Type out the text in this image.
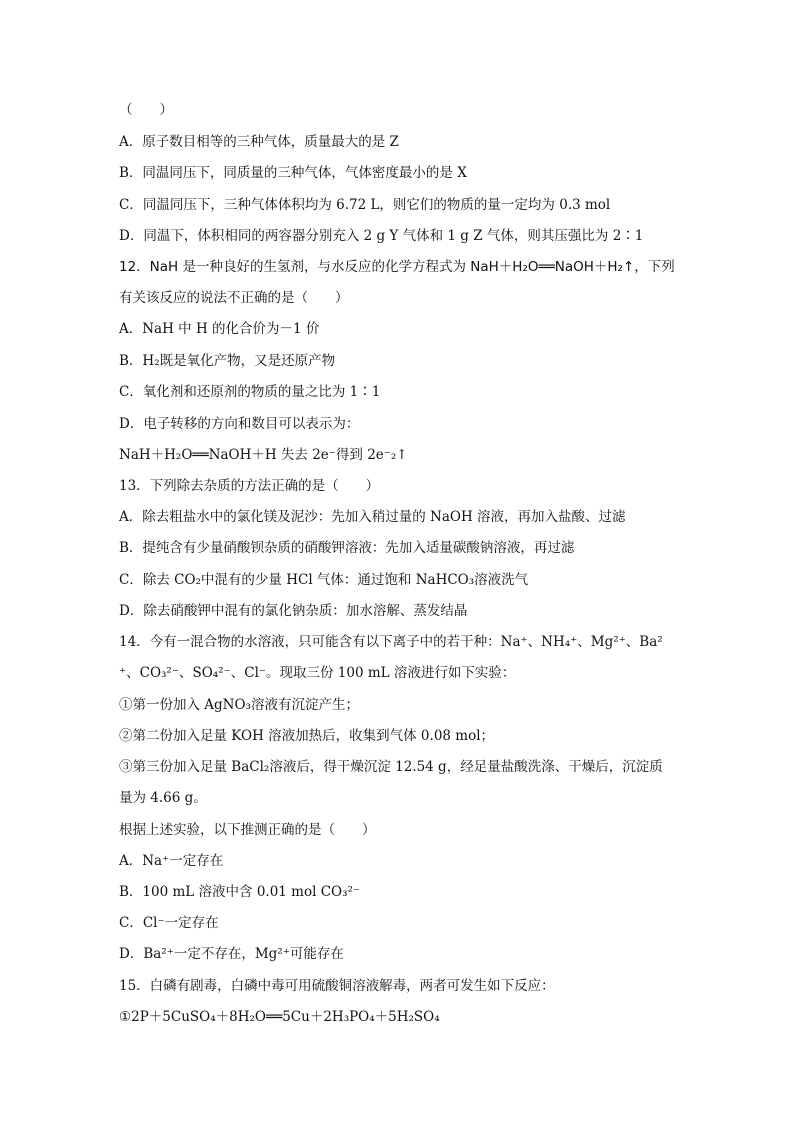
（　　）
A．原子数目相等的三种气体，质量最大的是 Z
B．同温同压下，同质量的三种气体，气体密度最小的是 X
C．同温同压下，三种气体体积均为 6.72 L，则它们的物质的量一定均为 0.3 mol
D．同温下，体积相同的两容器分别充入 2 g Y 气体和 1 g Z 气体，则其压强比为 2∶1
12．NaH 是一种良好的生氢剂，与水反应的化学方程式为 NaH＋H₂O══NaOH＋H₂↑，下列
有关该反应的说法不正确的是（　　）
A．NaH 中 H 的化合价为－1 价
B．H₂既是氧化产物，又是还原产物
C．氧化剂和还原剂的物质的量之比为 1∶1
D．电子转移的方向和数目可以表示为：
NaH＋H₂O══NaOH＋H 失去 2e⁻得到 2e⁻₂↑
13．下列除去杂质的方法正确的是（　　）
A．除去粗盐水中的氯化镁及泥沙：先加入稍过量的 NaOH 溶液，再加入盐酸、过滤
B．提纯含有少量硝酸钡杂质的硝酸钾溶液：先加入适量碳酸钠溶液，再过滤
C．除去 CO₂中混有的少量 HCl 气体：通过饱和 NaHCO₃溶液洗气
D．除去硝酸钾中混有的氯化钠杂质：加水溶解、蒸发结晶
14．今有一混合物的水溶液，只可能含有以下离子中的若干种：Na⁺、NH₄⁺、Mg²⁺、Ba²
⁺、CO₃²⁻、SO₄²⁻、Cl⁻。现取三份 100 mL 溶液进行如下实验：
①第一份加入 AgNO₃溶液有沉淀产生；
②第二份加入足量 KOH 溶液加热后，收集到气体 0.08 mol；
③第三份加入足量 BaCl₂溶液后，得干燥沉淀 12.54 g，经足量盐酸洗涤、干燥后，沉淀质
量为 4.66 g。
根据上述实验，以下推测正确的是（　　）
A．Na⁺一定存在
B．100 mL 溶液中含 0.01 mol CO₃²⁻
C．Cl⁻一定存在
D．Ba²⁺一定不存在，Mg²⁺可能存在
15．白磷有剧毒，白磷中毒可用硫酸铜溶液解毒，两者可发生如下反应：
①2P＋5CuSO₄＋8H₂O══5Cu＋2H₃PO₄＋5H₂SO₄
